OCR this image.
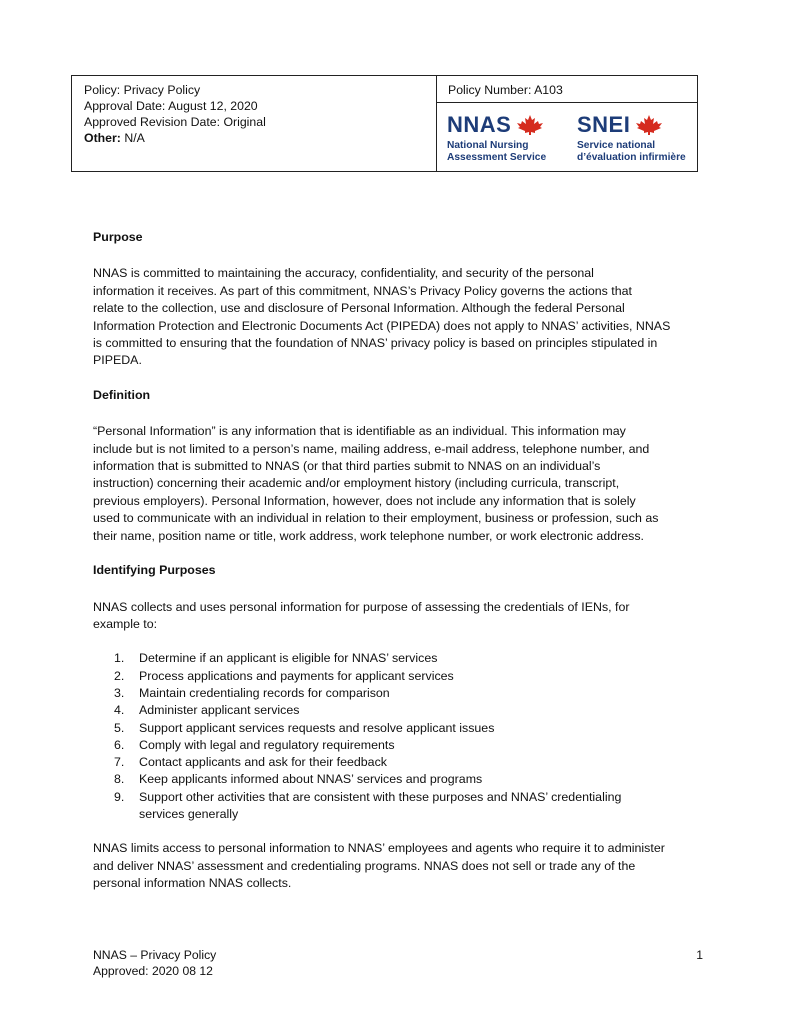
Policy: Privacy Policy
Approval Date: August 12, 2020
Approved Revision Date: Original
Other: N/A
Policy Number: A103
NNAS
National Nursing
Assessment Service
SNEI
Service national
d’évaluation infirmière
Purpose

NNAS is committed to maintaining the accuracy, confidentiality, and security of the personal

information it receives. As part of this commitment, NNAS’s Privacy Policy governs the actions that

relate to the collection, use and disclosure of Personal Information. Although the federal Personal

Information Protection and Electronic Documents Act (PIPEDA) does not apply to NNAS’ activities, NNAS

is committed to ensuring that the foundation of NNAS’ privacy policy is based on principles stipulated in

PIPEDA.

Definition

“Personal Information” is any information that is identifiable as an individual. This information may

include but is not limited to a person’s name, mailing address, e-mail address, telephone number, and

information that is submitted to NNAS (or that third parties submit to NNAS on an individual’s

instruction) concerning their academic and/or employment history (including curricula, transcript,

previous employers). Personal Information, however, does not include any information that is solely

used to communicate with an individual in relation to their employment, business or profession, such as

their name, position name or title, work address, work telephone number, or work electronic address.

Identifying Purposes

NNAS collects and uses personal information for purpose of assessing the credentials of IENs, for

example to:

1. Determine if an applicant is eligible for NNAS’ services
2. Process applications and payments for applicant services
3. Maintain credentialing records for comparison
4. Administer applicant services
5. Support applicant services requests and resolve applicant issues
6. Comply with legal and regulatory requirements
7. Contact applicants and ask for their feedback
8. Keep applicants informed about NNAS’ services and programs
9. Support other activities that are consistent with these purposes and NNAS’ credentialing
services generally

NNAS limits access to personal information to NNAS’ employees and agents who require it to administer

and deliver NNAS’ assessment and credentialing programs. NNAS does not sell or trade any of the

personal information NNAS collects.

NNAS – Privacy Policy
Approved: 2020 08 12
1
